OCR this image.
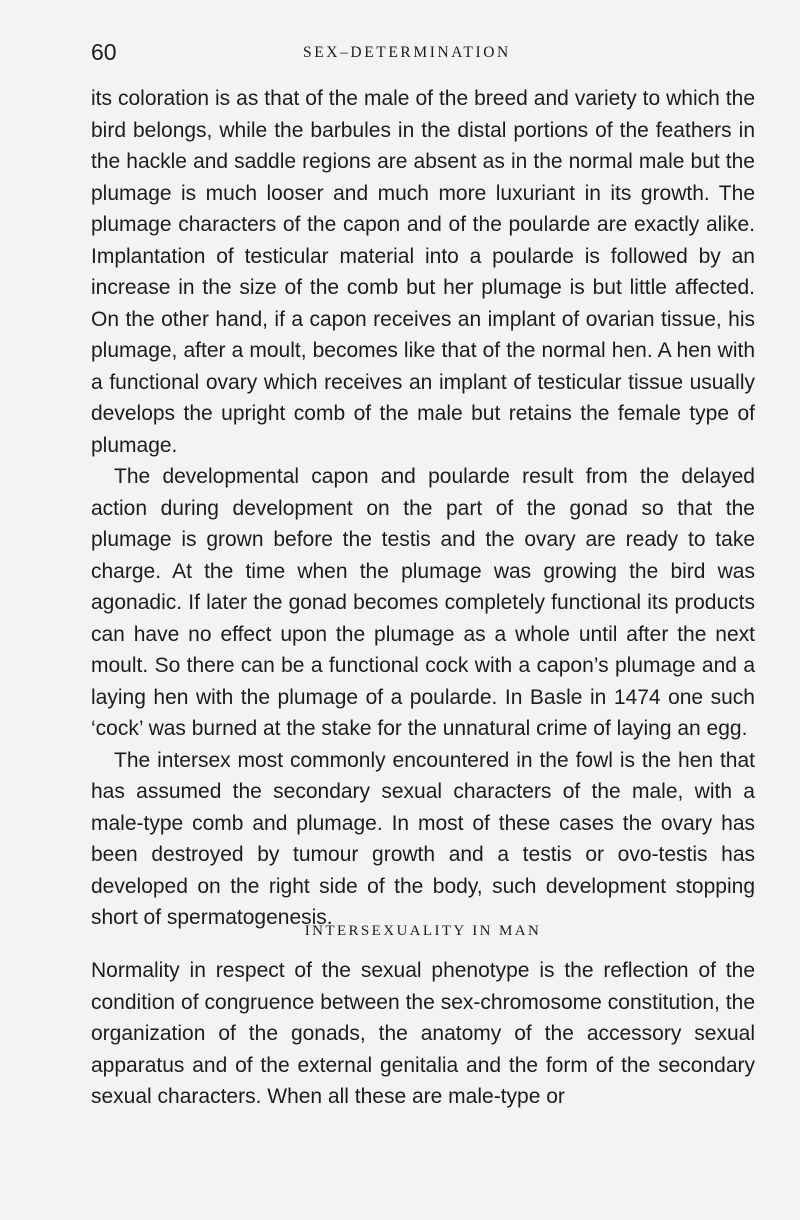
60	SEX–DETERMINATION

its coloration is as that of the male of the breed and variety to which the bird belongs, while the barbules in the distal portions of the feathers in the hackle and saddle regions are absent as in the normal male but the plumage is much looser and much more luxuriant in its growth. The plumage characters of the capon and of the poularde are exactly alike. Implantation of testicular material into a poularde is followed by an increase in the size of the comb but her plumage is but little affected. On the other hand, if a capon receives an implant of ovarian tissue, his plumage, after a moult, becomes like that of the normal hen. A hen with a functional ovary which receives an implant of testicular tissue usually develops the upright comb of the male but retains the female type of plumage.

The developmental capon and poularde result from the delayed action during development on the part of the gonad so that the plumage is grown before the testis and the ovary are ready to take charge. At the time when the plumage was growing the bird was agonadic. If later the gonad becomes completely functional its products can have no effect upon the plumage as a whole until after the next moult. So there can be a functional cock with a capon’s plumage and a laying hen with the plumage of a poularde. In Basle in 1474 one such ‘cock’ was burned at the stake for the unnatural crime of laying an egg.

The intersex most commonly encountered in the fowl is the hen that has assumed the secondary sexual characters of the male, with a male-type comb and plumage. In most of these cases the ovary has been destroyed by tumour growth and a testis or ovo-testis has developed on the right side of the body, such development stopping short of spermatogenesis.

INTERSEXUALITY IN MAN

Normality in respect of the sexual phenotype is the reflection of the condition of congruence between the sex-chromosome constitution, the organization of the gonads, the anatomy of the accessory sexual apparatus and of the external genitalia and the form of the secondary sexual characters. When all these are male-type or
